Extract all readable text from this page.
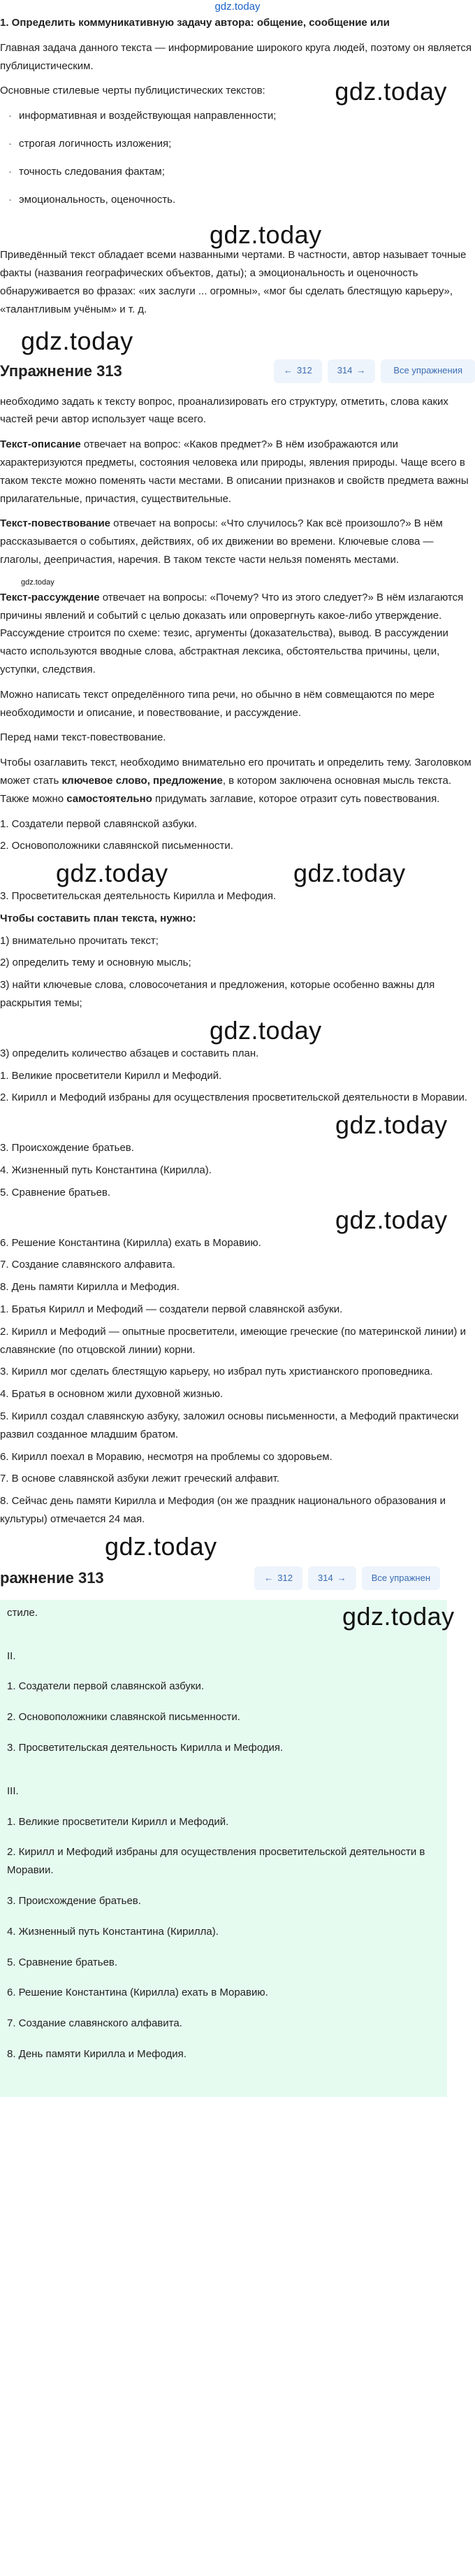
gdz.today
1. Определить коммуникативную задачу автора: общение, сообщение или
Главная задача данного текста — информирование широкого круга людей, поэтому он является публицистическим.
Основные стилевые черты публицистических текстов:	gdz.today
· информативная и воздействующая направленности;
· строгая логичность изложения;
· точность следования фактам;
· эмоциональность, оценочность.
gdz.today
Приведённый текст обладает всеми названными чертами. В частности, автор называет точные факты (названия географических объектов, даты); а эмоциональность и оценочность обнаруживается во фразах: «их заслуги ... огромны», «мог бы сделать блестящую карьеру», «талантливым учёным» и т. д.
gdz.today
Упражнение 313	← 312	314 →	Все упражнения
необходимо задать к тексту вопрос, проанализировать его структуру, отметить, слова каких частей речи автор использует чаще всего.
Текст-описание отвечает на вопрос: «Каков предмет?» В нём изображаются или характеризуются предметы, состояния человека или природы, явления природы. Чаще всего в таком тексте можно поменять части местами. В описании признаков и свойств предмета важны прилагательные, причастия, существительные.
Текст-повествование отвечает на вопросы: «Что случилось? Как всё произошло?» В нём рассказывается о событиях, действиях, об их движении во времени. Ключевые слова — глаголы, деепричастия, наречия. В таком тексте части нельзя поменять местами.
gdz.today
Текст-рассуждение отвечает на вопросы: «Почему? Что из этого следует?» В нём излагаются причины явлений и событий с целью доказать или опровергнуть какое-либо утверждение. Рассуждение строится по схеме: тезис, аргументы (доказательства), вывод. В рассуждении часто используются вводные слова, абстрактная лексика, обстоятельства причины, цели, уступки, следствия.
Можно написать текст определённого типа речи, но обычно в нём совмещаются по мере необходимости и описание, и повествование, и рассуждение.
Перед нами текст-повествование.
Чтобы озаглавить текст, необходимо внимательно его прочитать и определить тему. Заголовком может стать ключевое слово, предложение, в котором заключена основная мысль текста. Также можно самостоятельно придумать заглавие, которое отразит суть повествования.
1. Создатели первой славянской азбуки.
2. Основоположники славянской письменности.
gdz.today	gdz.today
3. Просветительская деятельность Кирилла и Мефодия.
Чтобы составить план текста, нужно:
1) внимательно прочитать текст;
2) определить тему и основную мысль;
3) найти ключевые слова, словосочетания и предложения, которые особенно важны для раскрытия темы;
gdz.today
3) определить количество абзацев и составить план.
1. Великие просветители Кирилл и Мефодий.
2. Кирилл и Мефодий избраны для осуществления просветительской деятельности в Моравии.
gdz.today
3. Происхождение братьев.
4. Жизненный путь Константина (Кирилла).
5. Сравнение братьев.
gdz.today
6. Решение Константина (Кирилла) ехать в Моравию.
7. Создание славянского алфавита.
8. День памяти Кирилла и Мефодия.
1. Братья Кирилл и Мефодий — создатели первой славянской азбуки.
2. Кирилл и Мефодий — опытные просветители, имеющие греческие (по материнской линии) и славянские (по отцовской линии) корни.
3. Кирилл мог сделать блестящую карьеру, но избрал путь христианского проповедника.
4. Братья в основном жили духовной жизнью.
5. Кирилл создал славянскую азбуку, заложил основы письменности, а Мефодий практически развил созданное младшим братом.
6. Кирилл поехал в Моравию, несмотря на проблемы со здоровьем.
7. В основе славянской азбуки лежит греческий алфавит.
8. Сейчас день памяти Кирилла и Мефодия (он же праздник национального образования и культуры) отмечается 24 мая.
gdz.today
ражнение 313	← 312	314 →	Все упражнен
стиле.	gdz.today
II.
1. Создатели первой славянской азбуки.
2. Основоположники славянской письменности.
3. Просветительская деятельность Кирилла и Мефодия.
III.
1. Великие просветители Кирилл и Мефодий.
2. Кирилл и Мефодий избраны для осуществления просветительской деятельности в Моравии.
3. Происхождение братьев.
4. Жизненный путь Константина (Кирилла).
5. Сравнение братьев.
6. Решение Константина (Кирилла) ехать в Моравию.
7. Создание славянского алфавита.
8. День памяти Кирилла и Мефодия.
